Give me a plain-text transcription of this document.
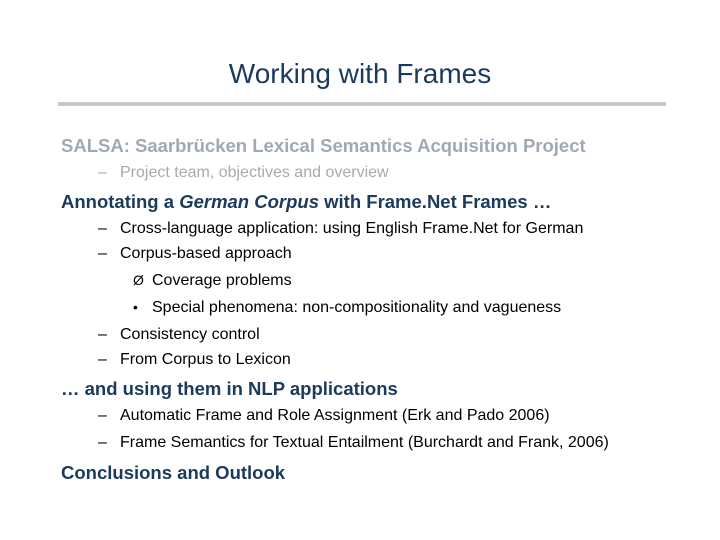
Working with Frames
SALSA: Saarbrücken Lexical Semantics Acquisition Project
– Project team, objectives and overview
Annotating a German Corpus with Frame.Net Frames …
– Cross-language application: using English Frame.Net for German
– Corpus-based approach
Ø Coverage problems
• Special phenomena: non-compositionality and vagueness
– Consistency control
– From Corpus to Lexicon
… and using them in NLP applications
– Automatic Frame and Role Assignment (Erk and Pado 2006)
– Frame Semantics for Textual Entailment (Burchardt and Frank, 2006)
Conclusions and Outlook
